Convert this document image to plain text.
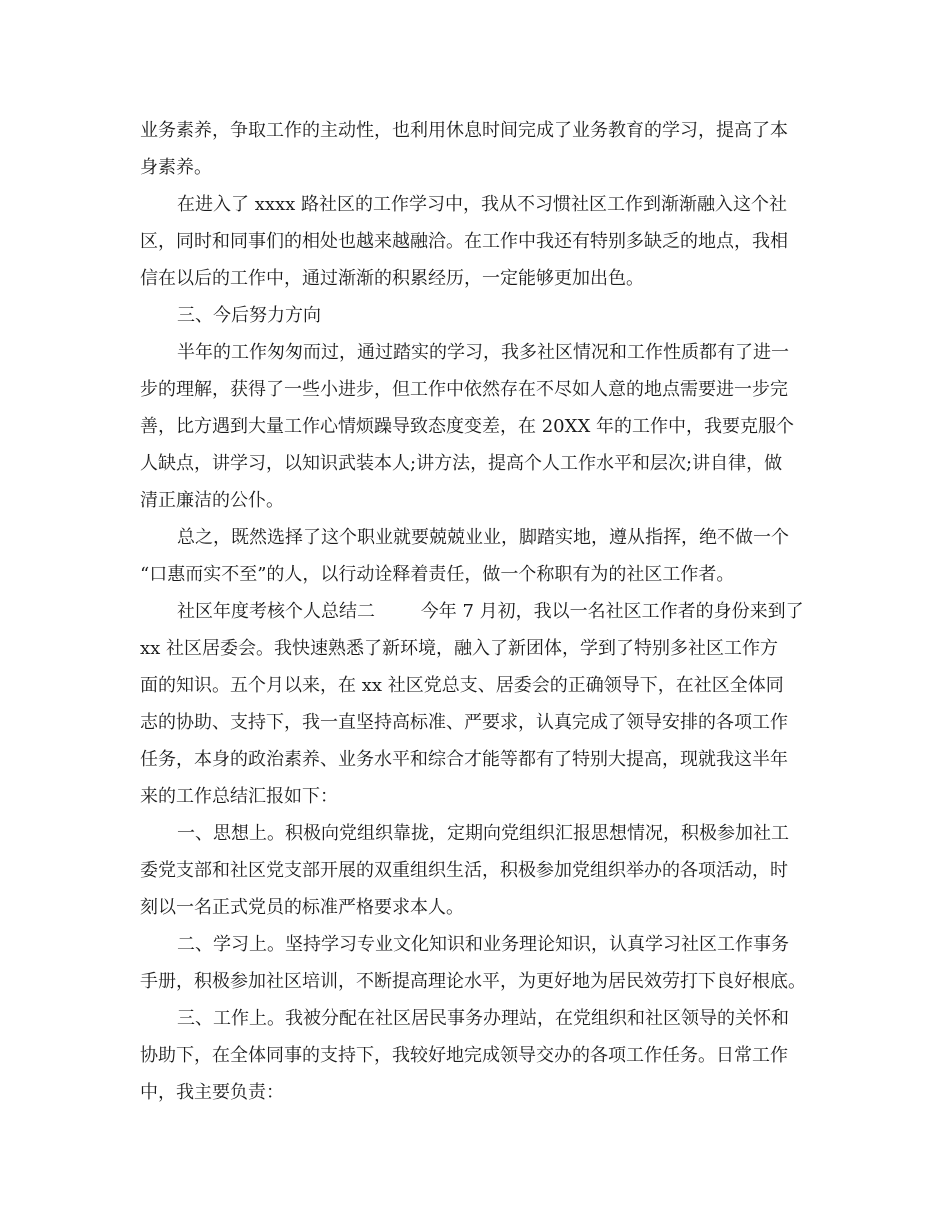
业务素养，争取工作的主动性，也利用休息时间完成了业务教育的学习，提高了本
身素养。
在进入了 xxxx 路社区的工作学习中，我从不习惯社区工作到渐渐融入这个社
区，同时和同事们的相处也越来越融洽。在工作中我还有特别多缺乏的地点，我相
信在以后的工作中，通过渐渐的积累经历，一定能够更加出色。
三、今后努力方向
半年的工作匆匆而过，通过踏实的学习，我多社区情况和工作性质都有了进一
步的理解，获得了一些小进步，但工作中依然存在不尽如人意的地点需要进一步完
善，比方遇到大量工作心情烦躁导致态度变差，在 20XX 年的工作中，我要克服个
人缺点，讲学习，以知识武装本人;讲方法，提高个人工作水平和层次;讲自律，做
清正廉洁的公仆。
总之，既然选择了这个职业就要兢兢业业，脚踏实地，遵从指挥，绝不做一个
“口惠而实不至”的人，以行动诠释着责任，做一个称职有为的社区工作者。
社区年度考核个人总结二        今年 7 月初，我以一名社区工作者的身份来到了
xx 社区居委会。我快速熟悉了新环境，融入了新团体，学到了特别多社区工作方
面的知识。五个月以来，在 xx 社区党总支、居委会的正确领导下，在社区全体同
志的协助、支持下，我一直坚持高标准、严要求，认真完成了领导安排的各项工作
任务，本身的政治素养、业务水平和综合才能等都有了特别大提高，现就我这半年
来的工作总结汇报如下：
一、思想上。积极向党组织靠拢，定期向党组织汇报思想情况，积极参加社工
委党支部和社区党支部开展的双重组织生活，积极参加党组织举办的各项活动，时
刻以一名正式党员的标准严格要求本人。
二、学习上。坚持学习专业文化知识和业务理论知识，认真学习社区工作事务
手册，积极参加社区培训，不断提高理论水平，为更好地为居民效劳打下良好根底。
三、工作上。我被分配在社区居民事务办理站，在党组织和社区领导的关怀和
协助下，在全体同事的支持下，我较好地完成领导交办的各项工作任务。日常工作
中，我主要负责：
